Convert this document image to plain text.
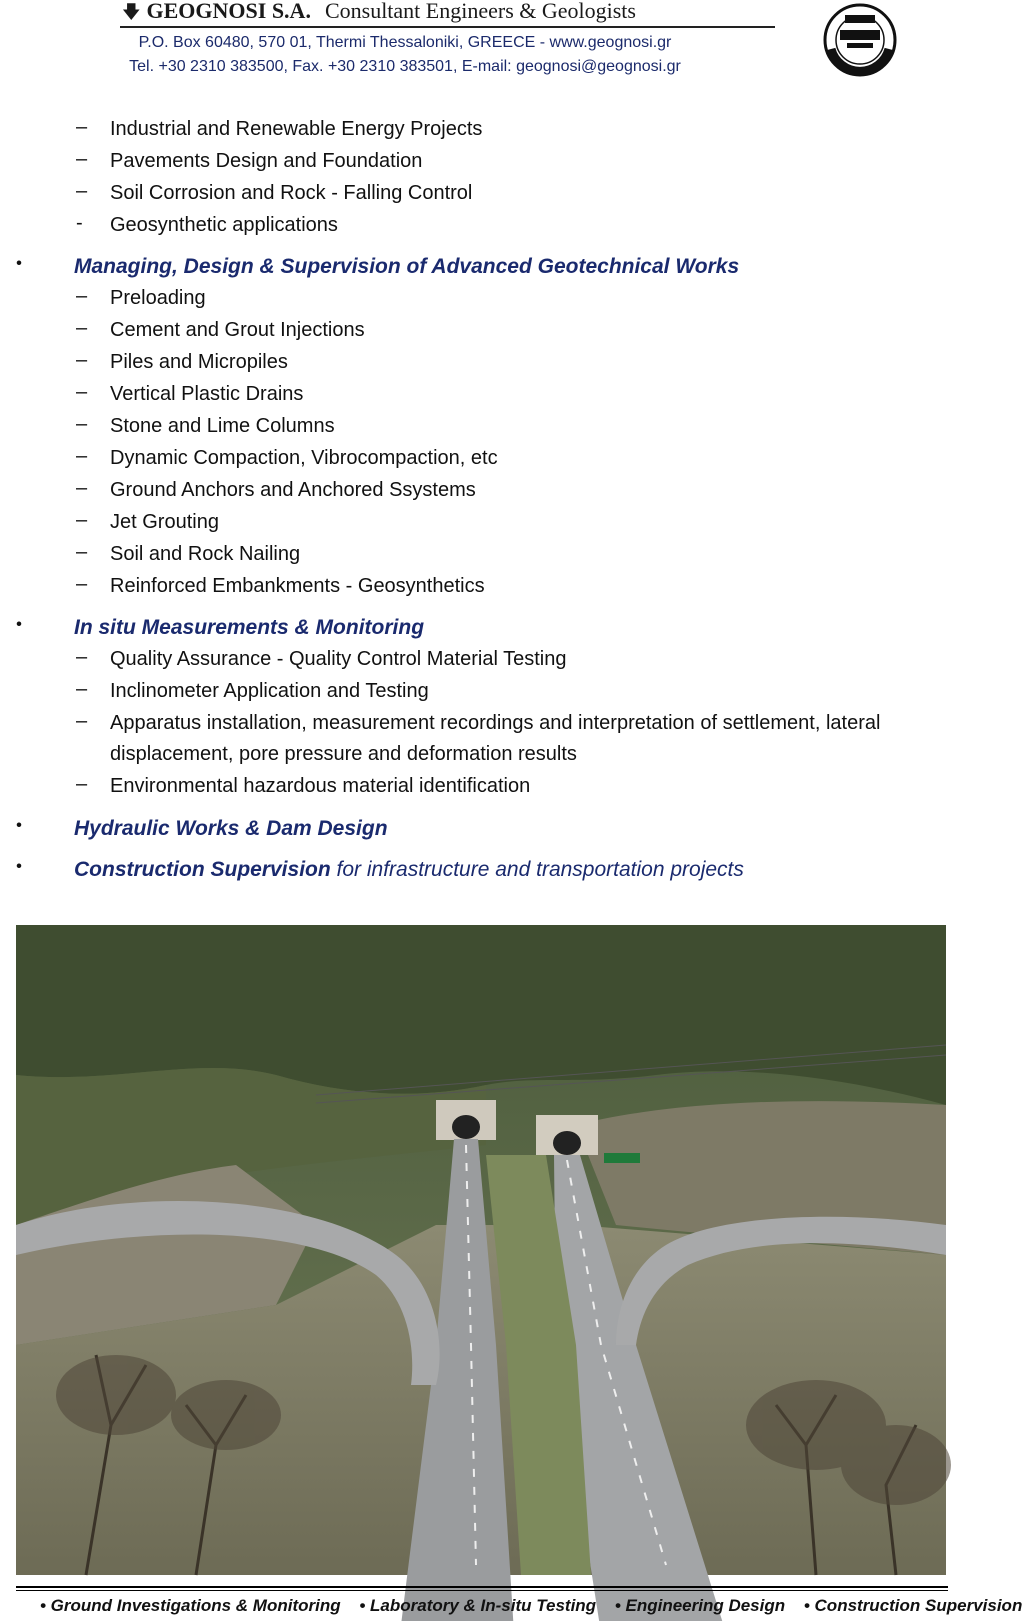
🡇 GEOGNOSI S.A. Consultant Engineers & Geologists
P.O. Box 60480, 570 01, Thermi Thessaloniki, GREECE - www.geognosi.gr
Tel. +30 2310 383500, Fax. +30 2310 383501, E-mail: geognosi@geognosi.gr
– Industrial and Renewable Energy Projects
– Pavements Design and Foundation
– Soil Corrosion and Rock - Falling Control
- Geosynthetic applications
• Managing, Design & Supervision of Advanced Geotechnical Works
– Preloading
– Cement and Grout Injections
– Piles and Micropiles
– Vertical Plastic Drains
– Stone and Lime Columns
– Dynamic Compaction, Vibrocompaction, etc
– Ground Anchors and Anchored Ssystems
– Jet Grouting
– Soil and Rock Nailing
– Reinforced Embankments - Geosynthetics
• In situ Measurements & Monitoring
– Quality Assurance - Quality Control Material Testing
– Inclinometer Application and Testing
– Apparatus installation, measurement recordings and interpretation of settlement, lateral
displacement, pore pressure and deformation results
– Environmental hazardous material identification
• Hydraulic Works & Dam Design
• Construction Supervision for infrastructure and transportation projects
• Ground Investigations & Monitoring • Laboratory & In-situ Testing • Engineering Design • Construction Supervision
